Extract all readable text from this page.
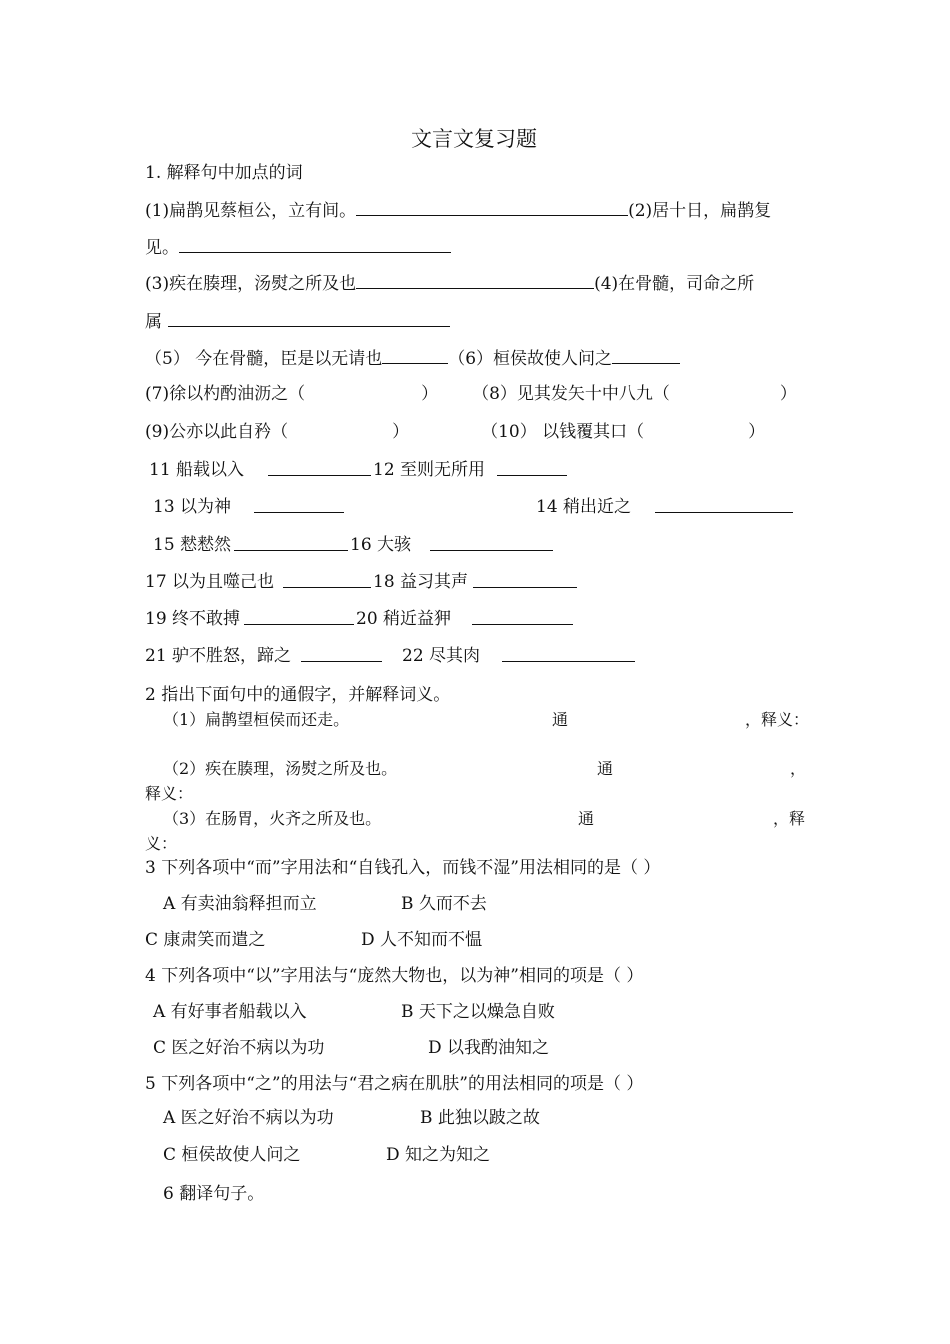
文言文复习题
1. 解释句中加点的词
(1)扁鹊见蔡桓公，立有间。	(2)居十日，扁鹊复
见。
(3)疾在腠理，汤熨之所及也	(4)在骨髓，司命之所
属
（5） 今在骨髓，臣是以无请也	（6）桓侯故使人问之
(7)徐以杓酌油沥之（	） （8）见其发矢十中八九（	）
(9)公亦以此自矜（	）	（10） 以钱覆其口（	）
11 船载以入	12 至则无所用
13 以为神	14 稍出近之
15 慭慭然	16 大骇
17 以为且噬己也	18 益习其声
19 终不敢搏	20 稍近益狎
21 驴不胜怒，蹄之	22 尽其肉
2 指出下面句中的通假字，并解释词义。
（1）扁鹊望桓侯而还走。	通	，释义：
（2）疾在腠理，汤熨之所及也。	通	，
释义：
（3）在肠胃，火齐之所及也。	通	，释
义：
3 下列各项中“而”字用法和“自钱孔入，而钱不湿”用法相同的是（ ）
A 有卖油翁释担而立	B 久而不去
C 康肃笑而遣之	D 人不知而不愠
4 下列各项中“以”字用法与“庞然大物也，以为神”相同的项是（ ）
A 有好事者船载以入	B 天下之以燥急自败
C 医之好治不病以为功	D 以我酌油知之
5 下列各项中“之”的用法与“君之病在肌肤”的用法相同的项是（ ）
A 医之好治不病以为功	B 此独以跛之故
C 桓侯故使人问之	D 知之为知之
6 翻译句子。
